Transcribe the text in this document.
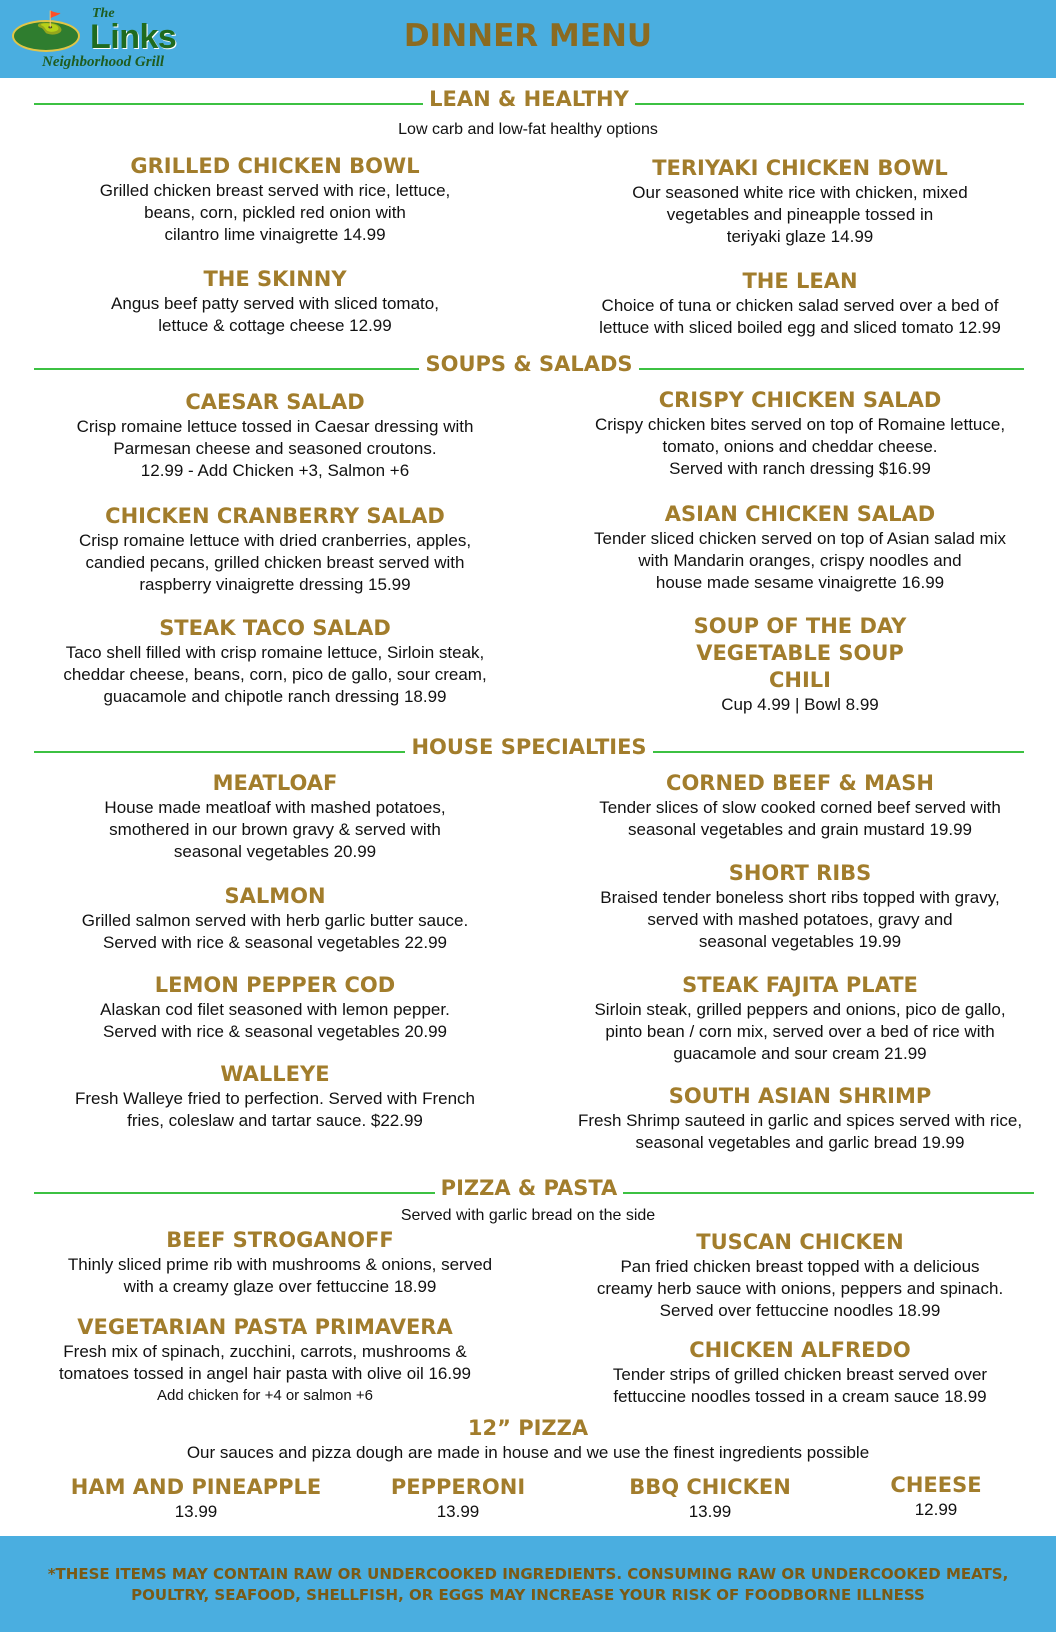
⛳ The
Links
Neighborhood Grill
DINNER MENU
LEAN & HEALTHY
Low carb and low-fat healthy options
GRILLED CHICKEN BOWL
Grilled chicken breast served with rice, lettuce,
beans, corn, pickled red onion with
cilantro lime vinaigrette 14.99
TERIYAKI CHICKEN BOWL
Our seasoned white rice with chicken, mixed
vegetables and pineapple tossed in
teriyaki glaze 14.99
THE SKINNY
Angus beef patty served with sliced tomato,
lettuce & cottage cheese 12.99
THE LEAN
Choice of tuna or chicken salad served over a bed of
lettuce with sliced boiled egg and sliced tomato 12.99
SOUPS & SALADS
CAESAR SALAD
Crisp romaine lettuce tossed in Caesar dressing with
Parmesan cheese and seasoned croutons.
12.99 - Add Chicken +3, Salmon +6
CRISPY CHICKEN SALAD
Crispy chicken bites served on top of Romaine lettuce,
tomato, onions and cheddar cheese.
Served with ranch dressing $16.99
CHICKEN CRANBERRY SALAD
Crisp romaine lettuce with dried cranberries, apples,
candied pecans, grilled chicken breast served with
raspberry vinaigrette dressing 15.99
ASIAN CHICKEN SALAD
Tender sliced chicken served on top of Asian salad mix
with Mandarin oranges, crispy noodles and
house made sesame vinaigrette 16.99
STEAK TACO SALAD
Taco shell filled with crisp romaine lettuce, Sirloin steak,
cheddar cheese, beans, corn, pico de gallo, sour cream,
guacamole and chipotle ranch dressing 18.99
SOUP OF THE DAY
VEGETABLE SOUP
CHILI
Cup 4.99 | Bowl 8.99
HOUSE SPECIALTIES
MEATLOAF
House made meatloaf with mashed potatoes,
smothered in our brown gravy & served with
seasonal vegetables 20.99
CORNED BEEF & MASH
Tender slices of slow cooked corned beef served with
seasonal vegetables and grain mustard 19.99
SALMON
Grilled salmon served with herb garlic butter sauce.
Served with rice & seasonal vegetables 22.99
SHORT RIBS
Braised tender boneless short ribs topped with gravy,
served with mashed potatoes, gravy and
seasonal vegetables 19.99
LEMON PEPPER COD
Alaskan cod filet seasoned with lemon pepper.
Served with rice & seasonal vegetables 20.99
STEAK FAJITA PLATE
Sirloin steak, grilled peppers and onions, pico de gallo,
pinto bean / corn mix, served over a bed of rice with
guacamole and sour cream 21.99
WALLEYE
Fresh Walleye fried to perfection. Served with French
fries, coleslaw and tartar sauce. $22.99
SOUTH ASIAN SHRIMP
Fresh Shrimp sauteed in garlic and spices served with rice,
seasonal vegetables and garlic bread 19.99
PIZZA & PASTA
Served with garlic bread on the side
BEEF STROGANOFF
Thinly sliced prime rib with mushrooms & onions, served
with a creamy glaze over fettuccine 18.99
TUSCAN CHICKEN
Pan fried chicken breast topped with a delicious
creamy herb sauce with onions, peppers and spinach.
Served over fettuccine noodles 18.99
VEGETARIAN PASTA PRIMAVERA
Fresh mix of spinach, zucchini, carrots, mushrooms &
tomatoes tossed in angel hair pasta with olive oil 16.99
Add chicken for +4 or salmon +6
CHICKEN ALFREDO
Tender strips of grilled chicken breast served over
fettuccine noodles tossed in a cream sauce 18.99
12” PIZZA
Our sauces and pizza dough are made in house and we use the finest ingredients possible
HAM AND PINEAPPLE
13.99
PEPPERONI
13.99
BBQ CHICKEN
13.99
CHEESE
12.99
*THESE ITEMS MAY CONTAIN RAW OR UNDERCOOKED INGREDIENTS. CONSUMING RAW OR UNDERCOOKED MEATS,
POULTRY, SEAFOOD, SHELLFISH, OR EGGS MAY INCREASE YOUR RISK OF FOODBORNE ILLNESS
